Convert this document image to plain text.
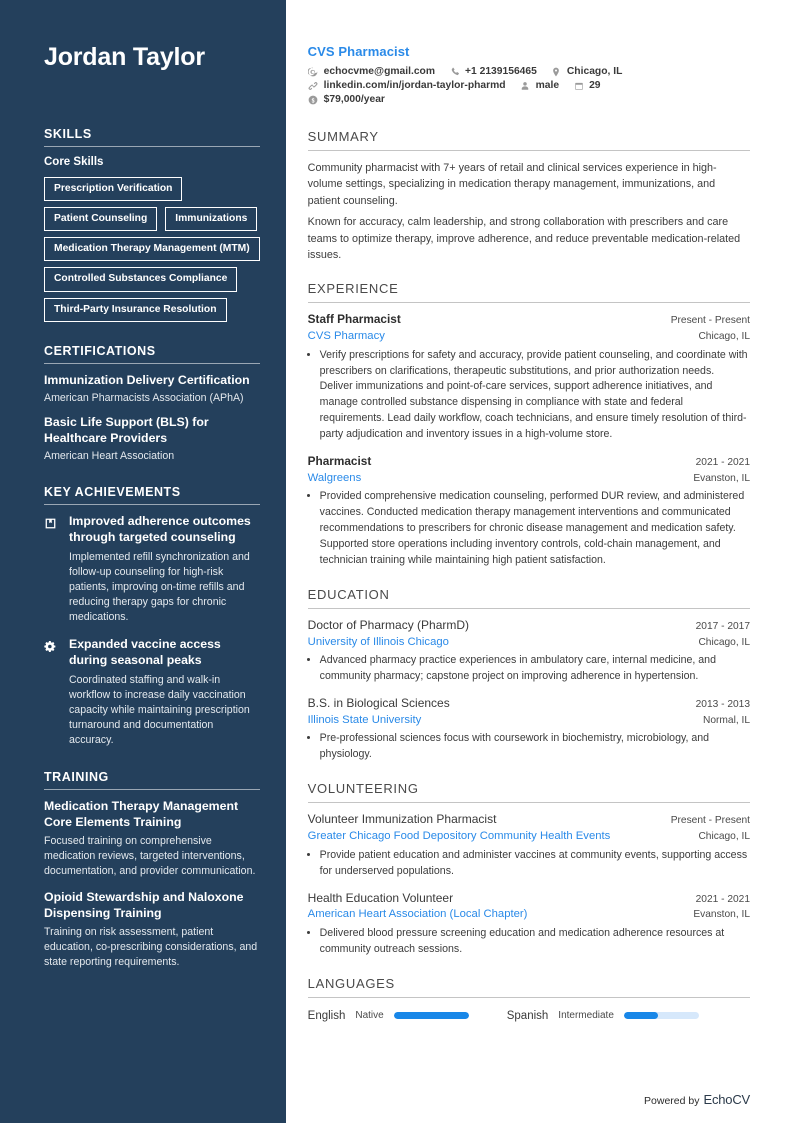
Jordan Taylor
SKILLS
Core Skills
Prescription Verification
Patient Counseling	Immunizations
Medication Therapy Management (MTM)
Controlled Substances Compliance
Third-Party Insurance Resolution
CERTIFICATIONS
Immunization Delivery Certification
American Pharmacists Association (APhA)
Basic Life Support (BLS) for Healthcare Providers
American Heart Association
KEY ACHIEVEMENTS
Improved adherence outcomes through targeted counseling
Implemented refill synchronization and follow-up counseling for high-risk patients, improving on-time refills and reducing therapy gaps for chronic medications.
Expanded vaccine access during seasonal peaks
Coordinated staffing and walk-in workflow to increase daily vaccination capacity while maintaining prescription turnaround and documentation accuracy.
TRAINING
Medication Therapy Management Core Elements Training
Focused training on comprehensive medication reviews, targeted interventions, documentation, and provider communication.
Opioid Stewardship and Naloxone Dispensing Training
Training on risk assessment, patient education, co-prescribing considerations, and state reporting requirements.
CVS Pharmacist
echocvme@gmail.com	+1 2139156465	Chicago, IL
linkedin.com/in/jordan-taylor-pharmd	male	29
$79,000/year
SUMMARY
Community pharmacist with 7+ years of retail and clinical services experience in high-volume settings, specializing in medication therapy management, immunizations, and patient counseling.
Known for accuracy, calm leadership, and strong collaboration with prescribers and care teams to optimize therapy, improve adherence, and reduce preventable medication-related issues.
EXPERIENCE
Staff Pharmacist	Present - Present
CVS Pharmacy	Chicago, IL
• Verify prescriptions for safety and accuracy, provide patient counseling, and coordinate with prescribers on clarifications, therapeutic substitutions, and prior authorization needs. Deliver immunizations and point-of-care services, support adherence initiatives, and manage controlled substance dispensing in compliance with state and federal requirements. Lead daily workflow, coach technicians, and ensure timely resolution of third-party adjudication and inventory issues in a high-volume store.
Pharmacist	2021 - 2021
Walgreens	Evanston, IL
• Provided comprehensive medication counseling, performed DUR review, and administered vaccines. Conducted medication therapy management interventions and communicated recommendations to prescribers for chronic disease management and medication safety. Supported store operations including inventory controls, cold-chain management, and technician training while maintaining high patient satisfaction.
EDUCATION
Doctor of Pharmacy (PharmD)	2017 - 2017
University of Illinois Chicago	Chicago, IL
• Advanced pharmacy practice experiences in ambulatory care, internal medicine, and community pharmacy; capstone project on improving adherence in hypertension.
B.S. in Biological Sciences	2013 - 2013
Illinois State University	Normal, IL
• Pre-professional sciences focus with coursework in biochemistry, microbiology, and physiology.
VOLUNTEERING
Volunteer Immunization Pharmacist	Present - Present
Greater Chicago Food Depository Community Health Events	Chicago, IL
• Provide patient education and administer vaccines at community events, supporting access for underserved populations.
Health Education Volunteer	2021 - 2021
American Heart Association (Local Chapter)	Evanston, IL
• Delivered blood pressure screening education and medication adherence resources at community outreach sessions.
LANGUAGES
English Native	Spanish Intermediate
Powered by EchoCV
